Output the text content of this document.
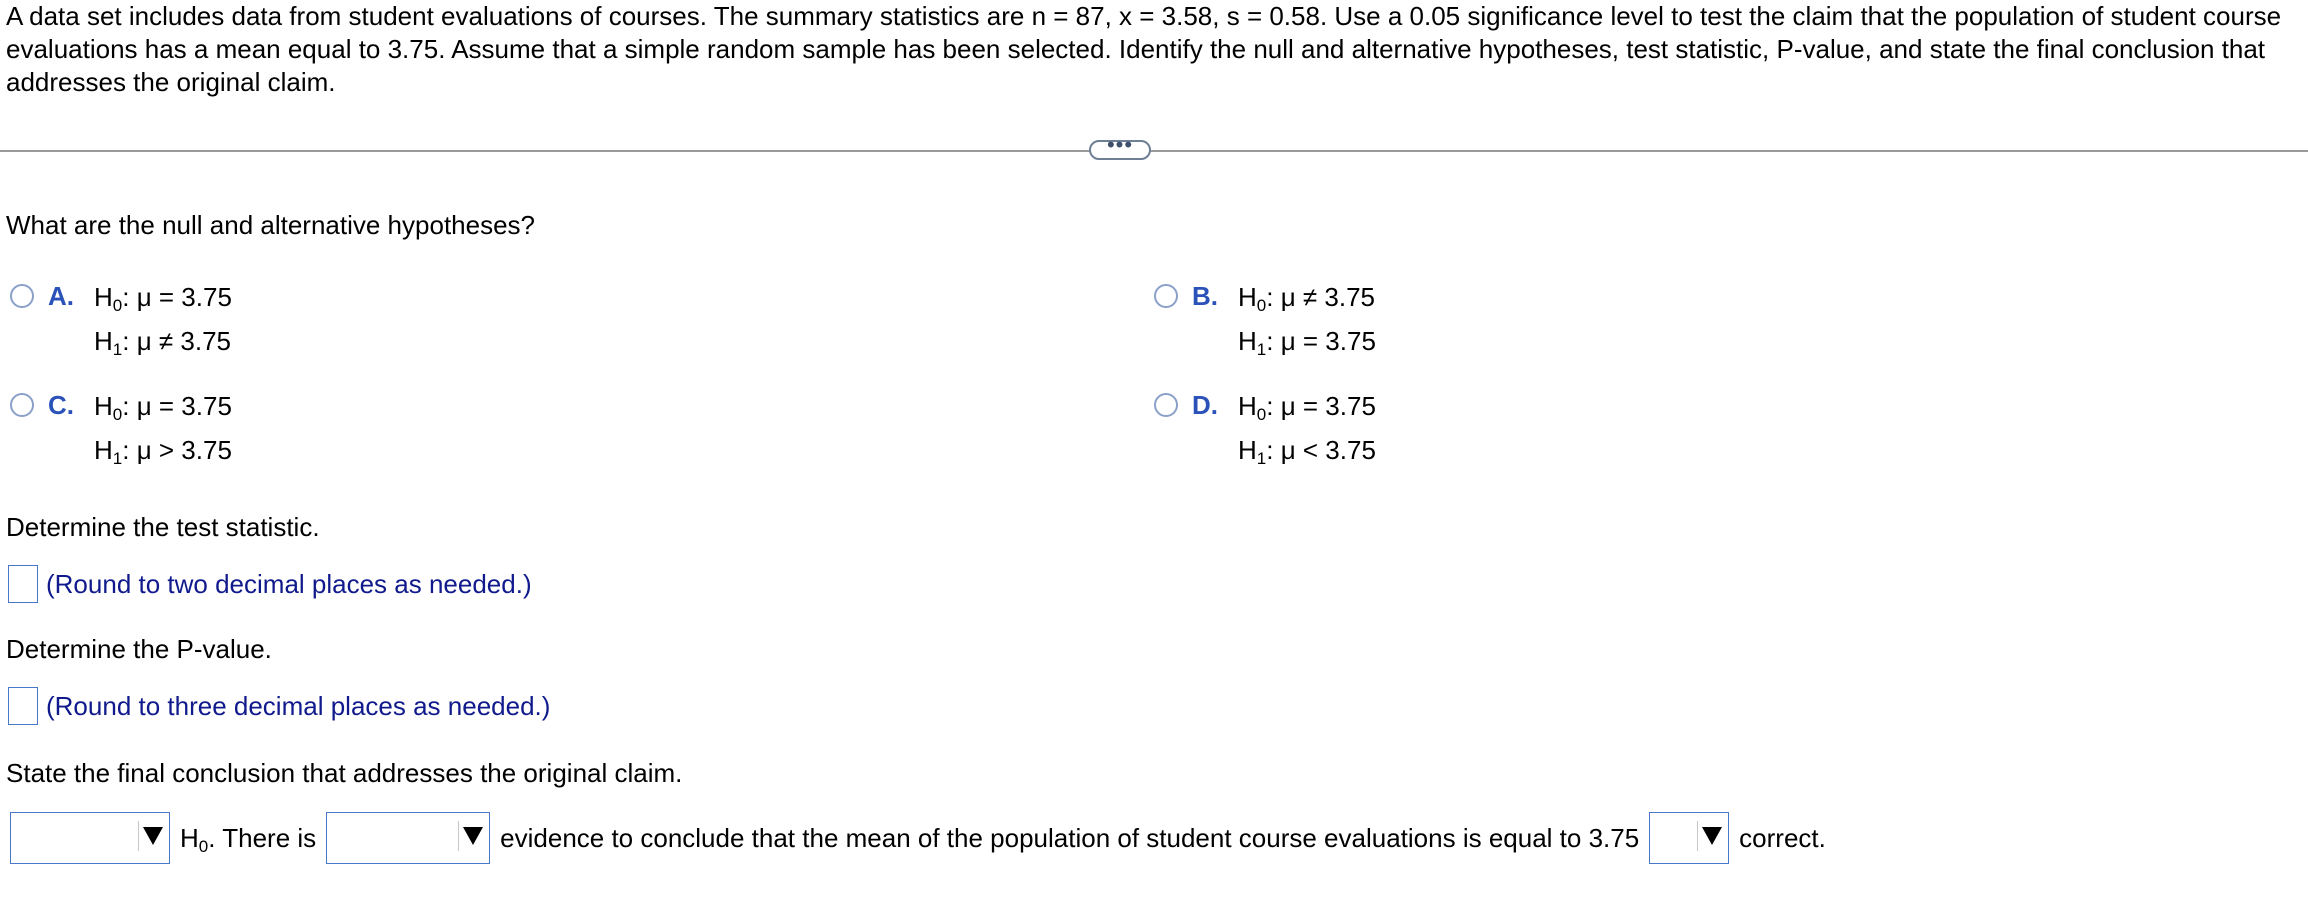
A data set includes data from student evaluations of courses. The summary statistics are n = 87, x = 3.58, s = 0.58. Use a 0.05 significance level to test the claim that the population of student course
evaluations has a mean equal to 3.75. Assume that a simple random sample has been selected. Identify the null and alternative hypotheses, test statistic, P-value, and state the final conclusion that
addresses the original claim.
•••
What are the null and alternative hypotheses?
A. $H_0$: μ = 3.75
$H_1$: μ ≠ 3.75
B. $H_0$: μ ≠ 3.75
$H_1$: μ = 3.75
C. $H_0$: μ = 3.75
$H_1$: μ > 3.75
D. $H_0$: μ = 3.75
$H_1$: μ < 3.75
Determine the test statistic.
(Round to two decimal places as needed.)
Determine the P-value.
(Round to three decimal places as needed.)
State the final conclusion that addresses the original claim.
$H_0$. There is	evidence to conclude that the mean of the population of student course evaluations is equal to 3.75	correct.
